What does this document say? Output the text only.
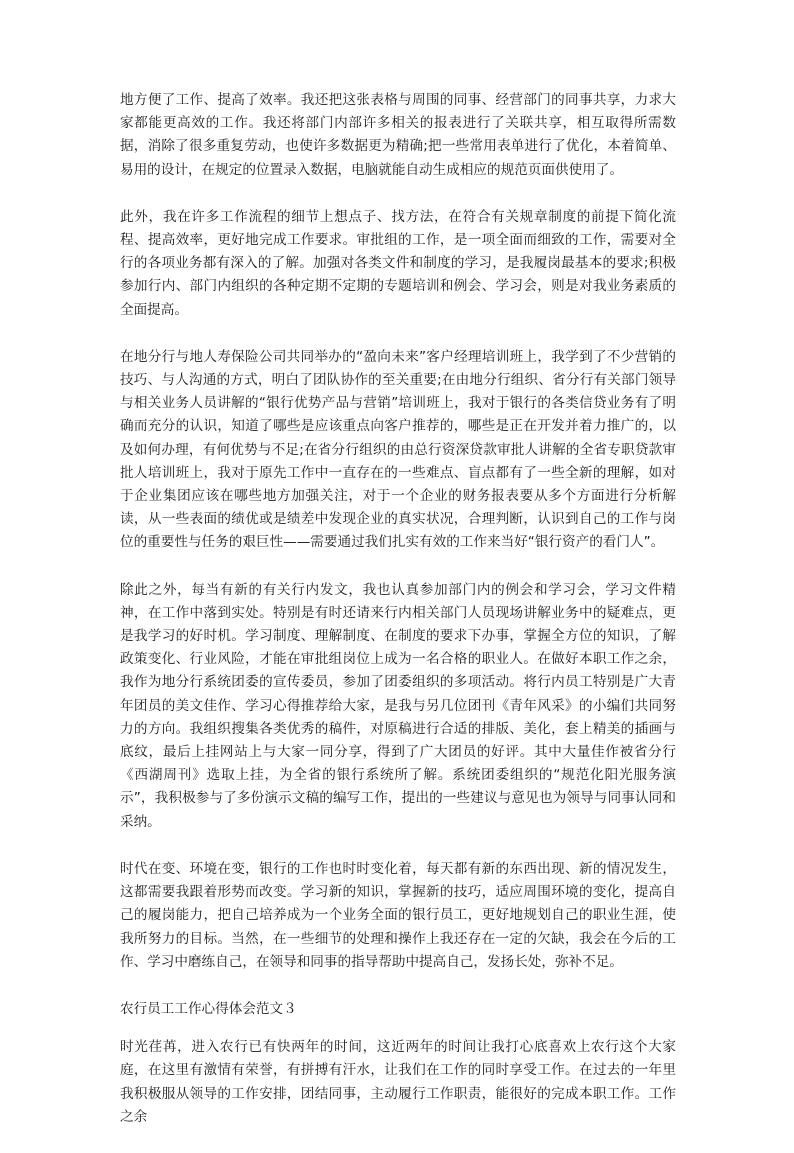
地方便了工作、提高了效率。我还把这张表格与周围的同事、经营部门的同事共享，力求大家都能更高效的工作。我还将部门内部许多相关的报表进行了关联共享，相互取得所需数据，消除了很多重复劳动，也使许多数据更为精确;把一些常用表单进行了优化，本着简单、易用的设计，在规定的位置录入数据，电脑就能自动生成相应的规范页面供使用了。

此外，我在许多工作流程的细节上想点子、找方法，在符合有关规章制度的前提下简化流程、提高效率，更好地完成工作要求。审批组的工作，是一项全面而细致的工作，需要对全行的各项业务都有深入的了解。加强对各类文件和制度的学习，是我履岗最基本的要求;积极参加行内、部门内组织的各种定期不定期的专题培训和例会、学习会，则是对我业务素质的全面提高。

在地分行与地人寿保险公司共同举办的“盈向未来”客户经理培训班上，我学到了不少营销的技巧、与人沟通的方式，明白了团队协作的至关重要;在由地分行组织、省分行有关部门领导与相关业务人员讲解的“银行优势产品与营销”培训班上，我对于银行的各类信贷业务有了明确而充分的认识，知道了哪些是应该重点向客户推荐的，哪些是正在开发并着力推广的，以及如何办理，有何优势与不足;在省分行组织的由总行资深贷款审批人讲解的全省专职贷款审批人培训班上，我对于原先工作中一直存在的一些难点、盲点都有了一些全新的理解，如对于企业集团应该在哪些地方加强关注，对于一个企业的财务报表要从多个方面进行分析解读，从一些表面的绩优或是绩差中发现企业的真实状况，合理判断，认识到自己的工作与岗位的重要性与任务的艰巨性——需要通过我们扎实有效的工作来当好“银行资产的看门人”。

除此之外，每当有新的有关行内发文，我也认真参加部门内的例会和学习会，学习文件精神，在工作中落到实处。特别是有时还请来行内相关部门人员现场讲解业务中的疑难点，更是我学习的好时机。学习制度、理解制度、在制度的要求下办事，掌握全方位的知识，了解政策变化、行业风险，才能在审批组岗位上成为一名合格的职业人。在做好本职工作之余，我作为地分行系统团委的宣传委员，参加了团委组织的多项活动。将行内员工特别是广大青年团员的美文佳作、学习心得推荐给大家，是我与另几位团刊《青年风采》的小编们共同努力的方向。我组织搜集各类优秀的稿件，对原稿进行合适的排版、美化，套上精美的插画与底纹，最后上挂网站上与大家一同分享，得到了广大团员的好评。其中大量佳作被省分行《西湖周刊》选取上挂，为全省的银行系统所了解。系统团委组织的“规范化阳光服务演示”，我积极参与了多份演示文稿的编写工作，提出的一些建议与意见也为领导与同事认同和采纳。

时代在变、环境在变，银行的工作也时时变化着，每天都有新的东西出现、新的情况发生，这都需要我跟着形势而改变。学习新的知识，掌握新的技巧，适应周围环境的变化，提高自己的履岗能力，把自己培养成为一个业务全面的银行员工，更好地规划自己的职业生涯，使我所努力的目标。当然，在一些细节的处理和操作上我还存在一定的欠缺，我会在今后的工作、学习中磨练自己，在领导和同事的指导帮助中提高自己，发扬长处，弥补不足。

农行员工工作心得体会范文３

时光荏苒，进入农行已有快两年的时间，这近两年的时间让我打心底喜欢上农行这个大家庭，在这里有激情有荣誉，有拼搏有汗水，让我们在工作的同时享受工作。在过去的一年里我积极服从领导的工作安排，团结同事，主动履行工作职责，能很好的完成本职工作。工作之余
